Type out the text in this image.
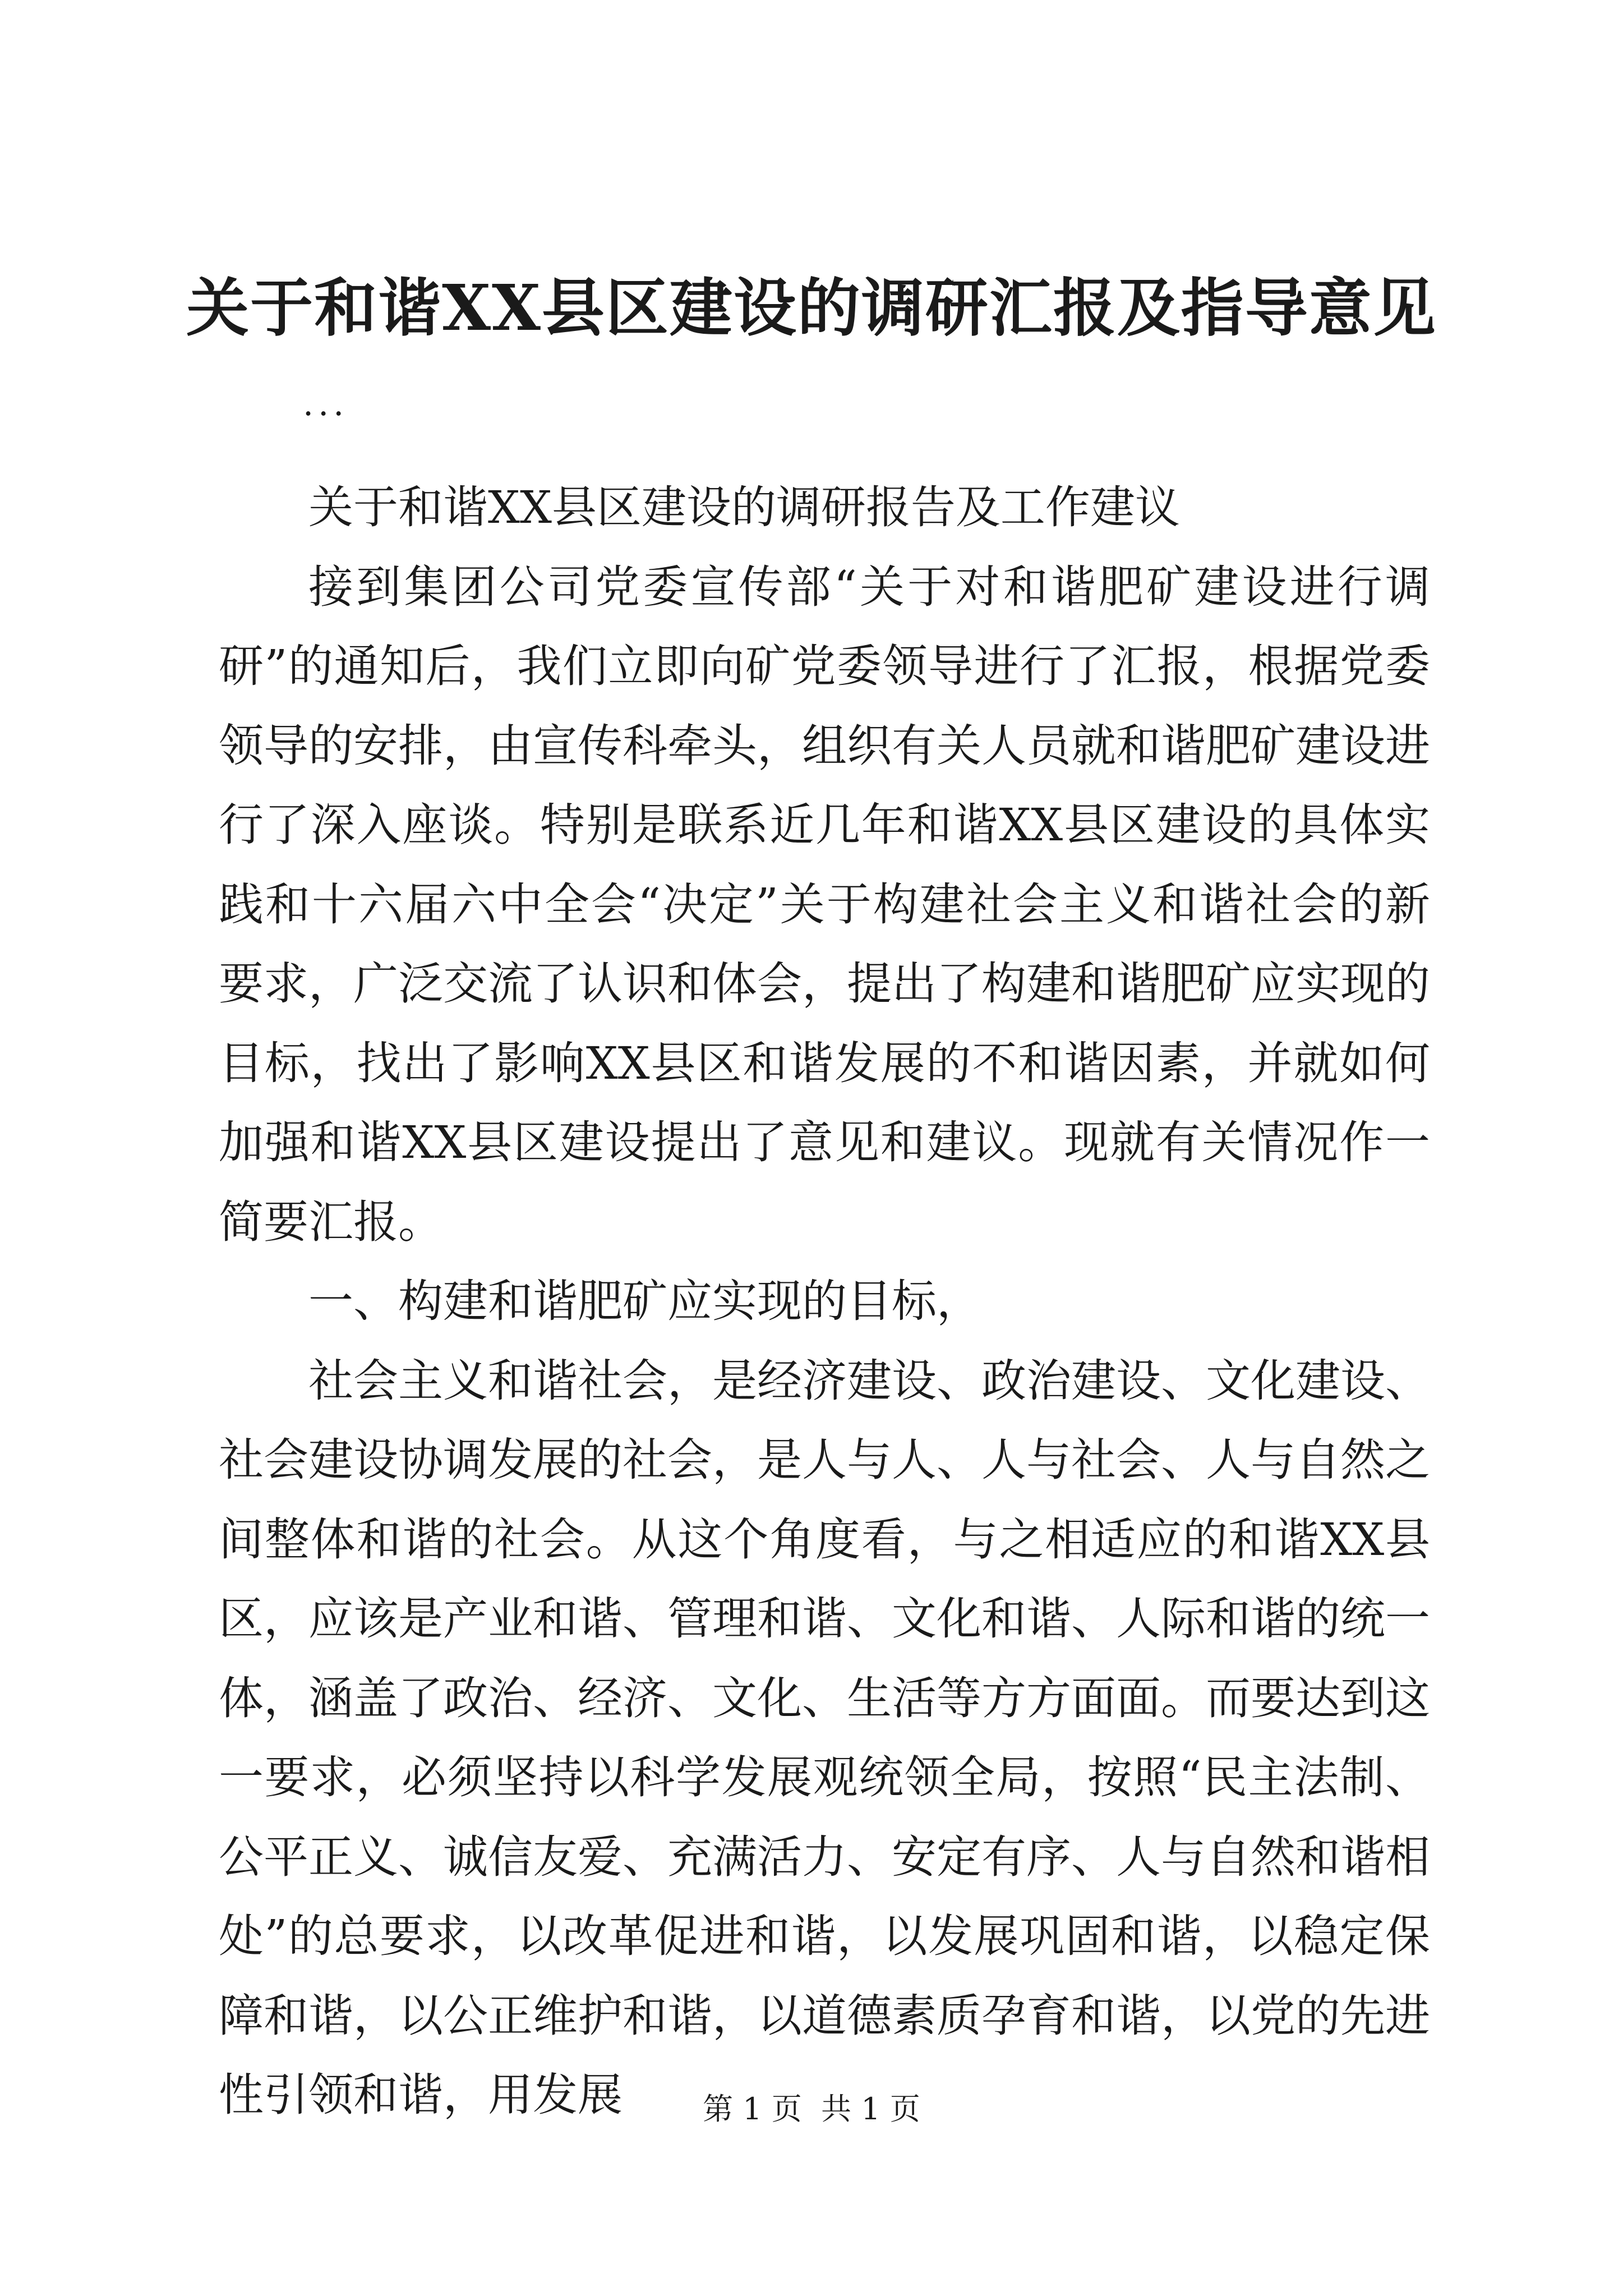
关于和谐XX县区建设的调研汇报及指导意见
...

关于和谐XX县区建设的调研报告及工作建议

接到集团公司党委宣传部“关于对和谐肥矿建设进行调研”的通知后，我们立即向矿党委领导进行了汇报，根据党委领导的安排，由宣传科牵头，组织有关人员就和谐肥矿建设进行了深入座谈。特别是联系近几年和谐XX县区建设的具体实践和十六届六中全会“决定”关于构建社会主义和谐社会的新要求，广泛交流了认识和体会，提出了构建和谐肥矿应实现的目标，找出了影响XX县区和谐发展的不和谐因素，并就如何加强和谐XX县区建设提出了意见和建议。现就有关情况作一简要汇报。

一、构建和谐肥矿应实现的目标，

社会主义和谐社会，是经济建设、政治建设、文化建设、社会建设协调发展的社会，是人与人、人与社会、人与自然之间整体和谐的社会。从这个角度看，与之相适应的和谐XX县区，应该是产业和谐、管理和谐、文化和谐、人际和谐的统一体，涵盖了政治、经济、文化、生活等方方面面。而要达到这一要求，必须坚持以科学发展观统领全局，按照“民主法制、公平正义、诚信友爱、充满活力、安定有序、人与自然和谐相处”的总要求，以改革促进和谐，以发展巩固和谐，以稳定保障和谐，以公正维护和谐，以道德素质孕育和谐，以党的先进性引领和谐，用发展	第 1 页  共 1 页
